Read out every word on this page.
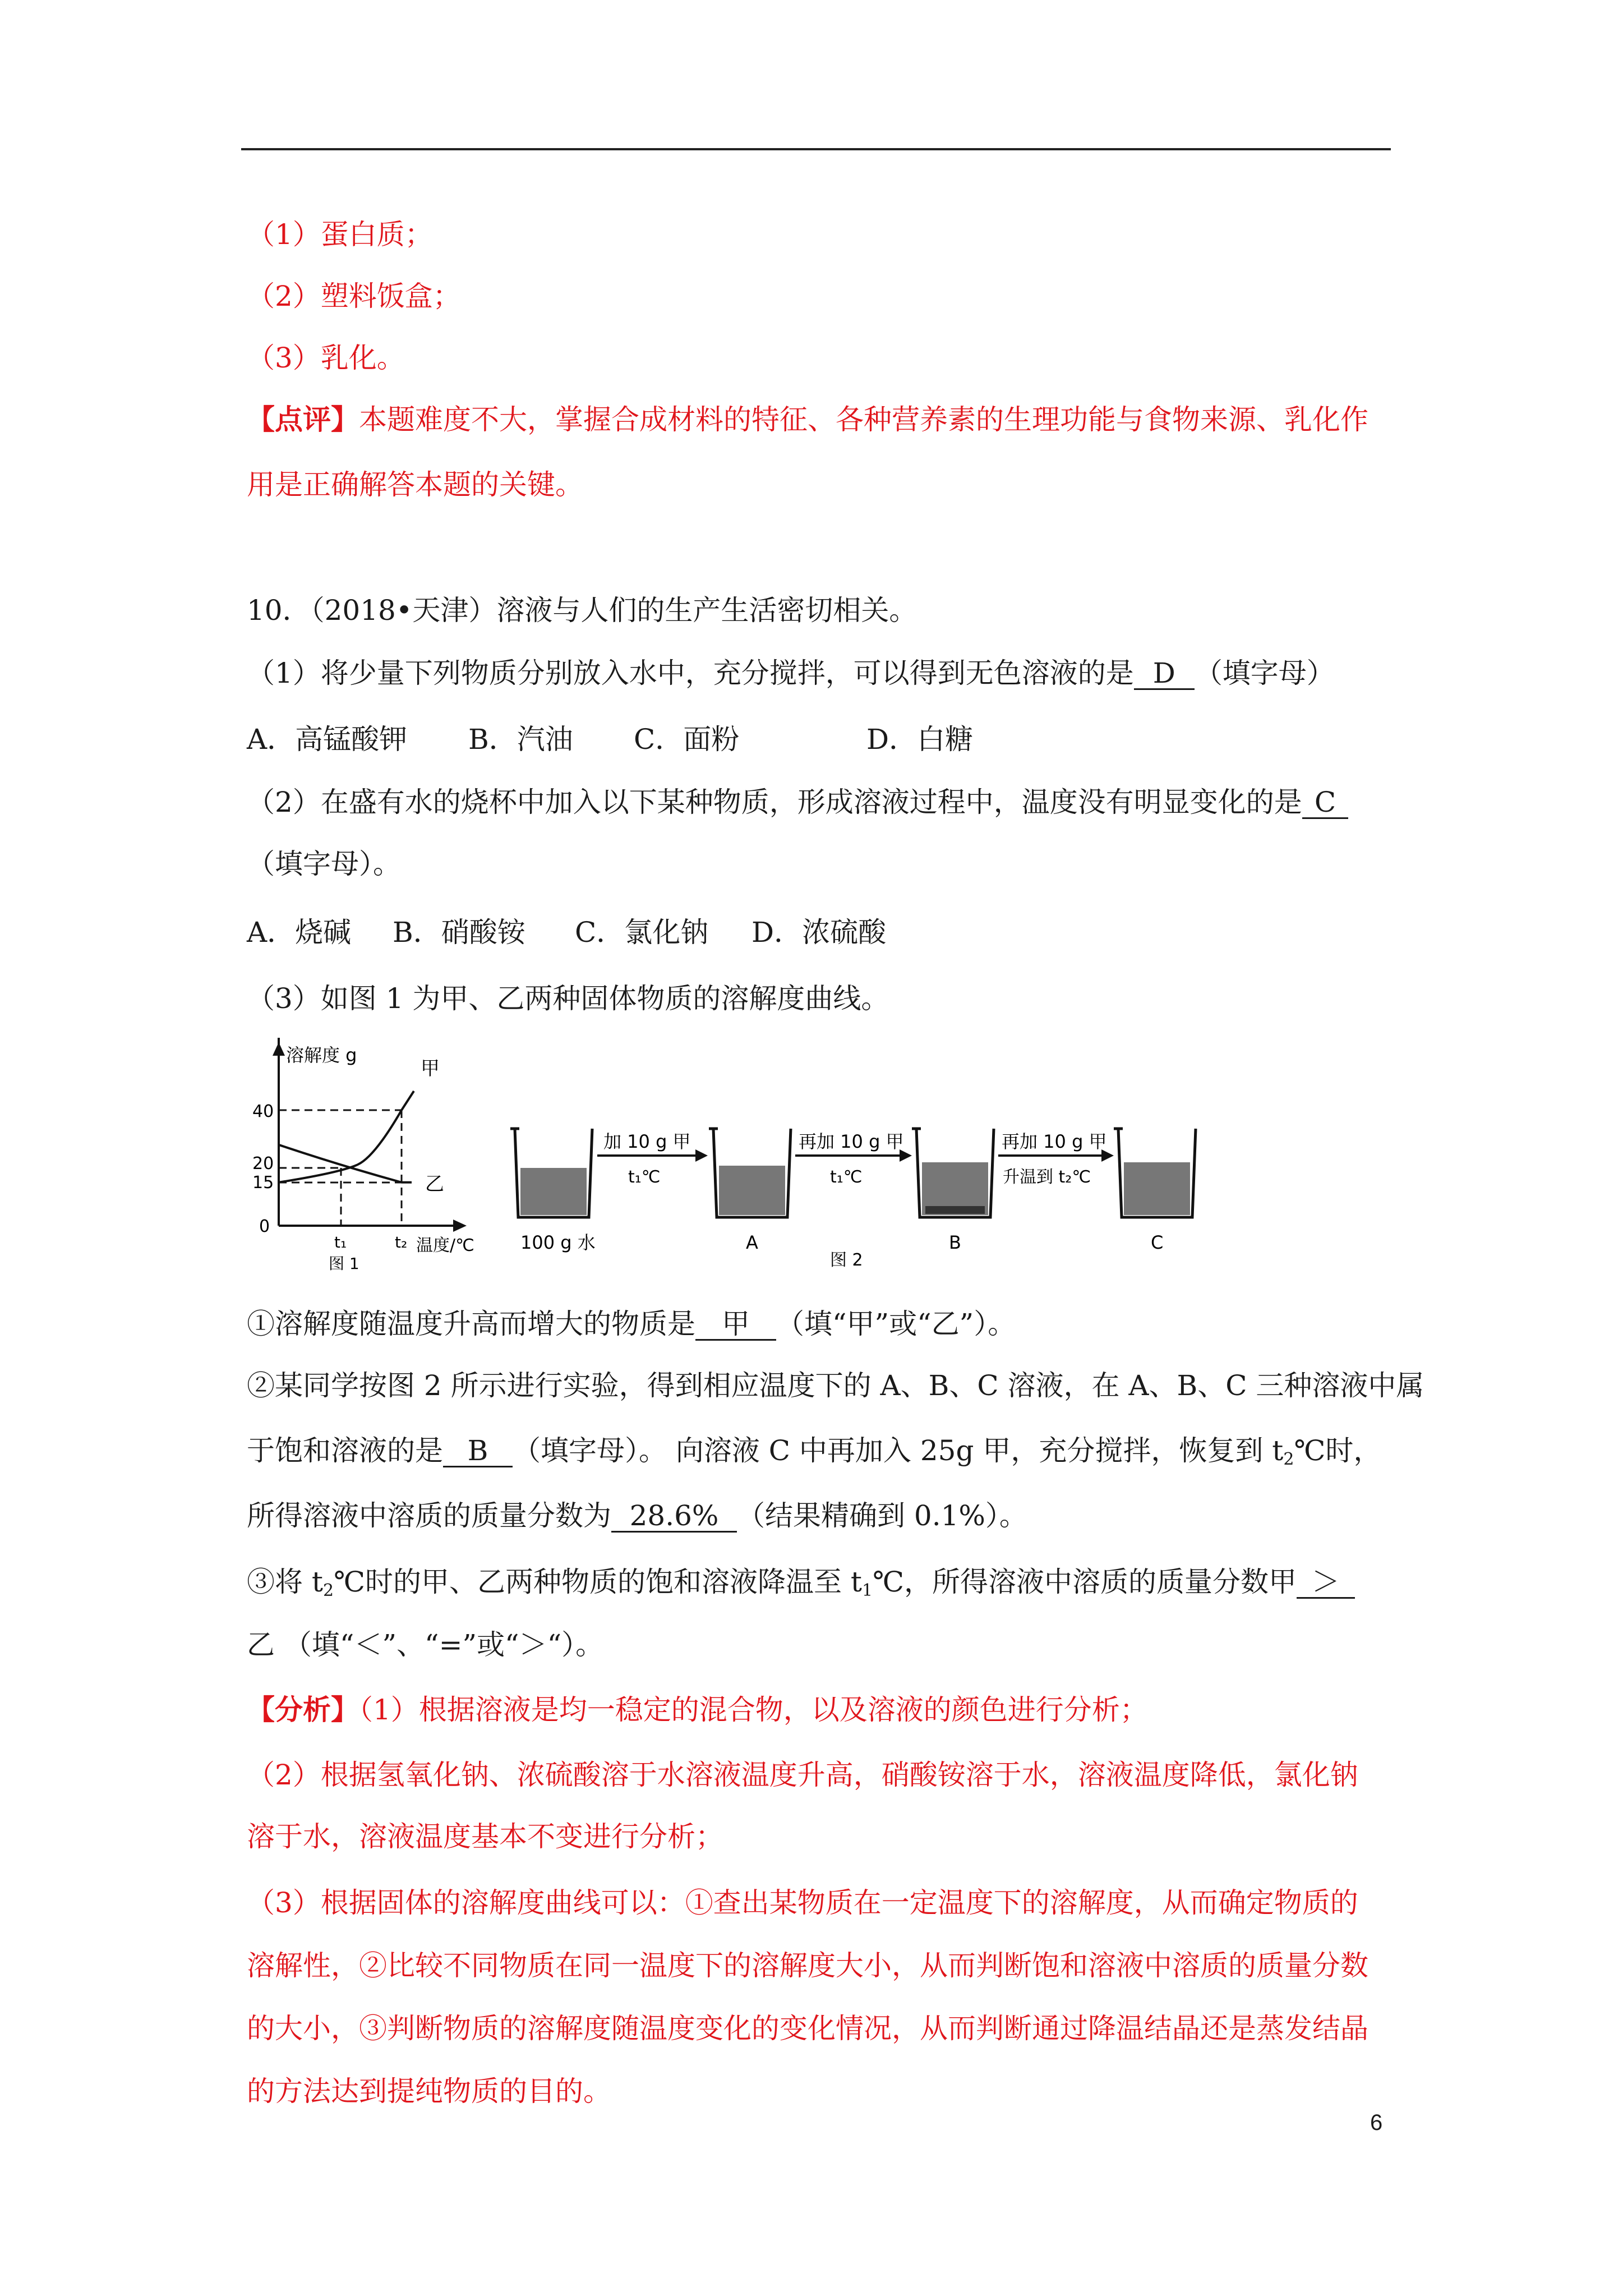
（1）蛋白质；
（2）塑料饭盒；
（3）乳化。
【点评】本题难度不大，掌握合成材料的特征、各种营养素的生理功能与食物来源、乳化作
用是正确解答本题的关键。
10．（2018•天津）溶液与人们的生产生活密切相关。
（1）将少量下列物质分别放入水中，充分搅拌，可以得到无色溶液的是 D （填字母）
A．高锰酸钾 B．汽油 C．面粉	D．白糖
（2）在盛有水的烧杯中加入以下某种物质，形成溶液过程中，温度没有明显变化的是 C
（填字母）。
A．烧碱 B．硝酸铵 C．氯化钠 D．浓硫酸
（3）如图 1 为甲、乙两种固体物质的溶解度曲线。
溶解度 g
甲
乙
40
20
15
0
t₁	t₂ 温度/℃
图 1
加 10 g 甲
t₁℃
再加 10 g 甲
t₁℃
再加 10 g 甲
升温到 t₂℃
100 g 水	A	B	C
图 2
①溶解度随温度升高而增大的物质是 甲 （填“甲”或“乙”）。
②某同学按图 2 所示进行实验，得到相应温度下的 A、B、C 溶液，在 A、B、C 三种溶液中属
于饱和溶液的是 B （填字母）。 向溶液 C 中再加入 25g 甲，充分搅拌，恢复到 $t_2℃$时，
所得溶液中溶质的质量分数为 28.6% （结果精确到 0.1%）。
③将 $t_2℃$时的甲、乙两种物质的饱和溶液降温至 $t_1℃$，所得溶液中溶质的质量分数甲 ＞
乙 （填“＜”、“=”或“＞“）。
【分析】（1）根据溶液是均一稳定的混合物，以及溶液的颜色进行分析；
（2）根据氢氧化钠、浓硫酸溶于水溶液温度升高，硝酸铵溶于水，溶液温度降低，氯化钠
溶于水，溶液温度基本不变进行分析；
（3）根据固体的溶解度曲线可以：①查出某物质在一定温度下的溶解度，从而确定物质的
溶解性，②比较不同物质在同一温度下的溶解度大小，从而判断饱和溶液中溶质的质量分数
的大小，③判断物质的溶解度随温度变化的变化情况，从而判断通过降温结晶还是蒸发结晶
的方法达到提纯物质的目的。
6
